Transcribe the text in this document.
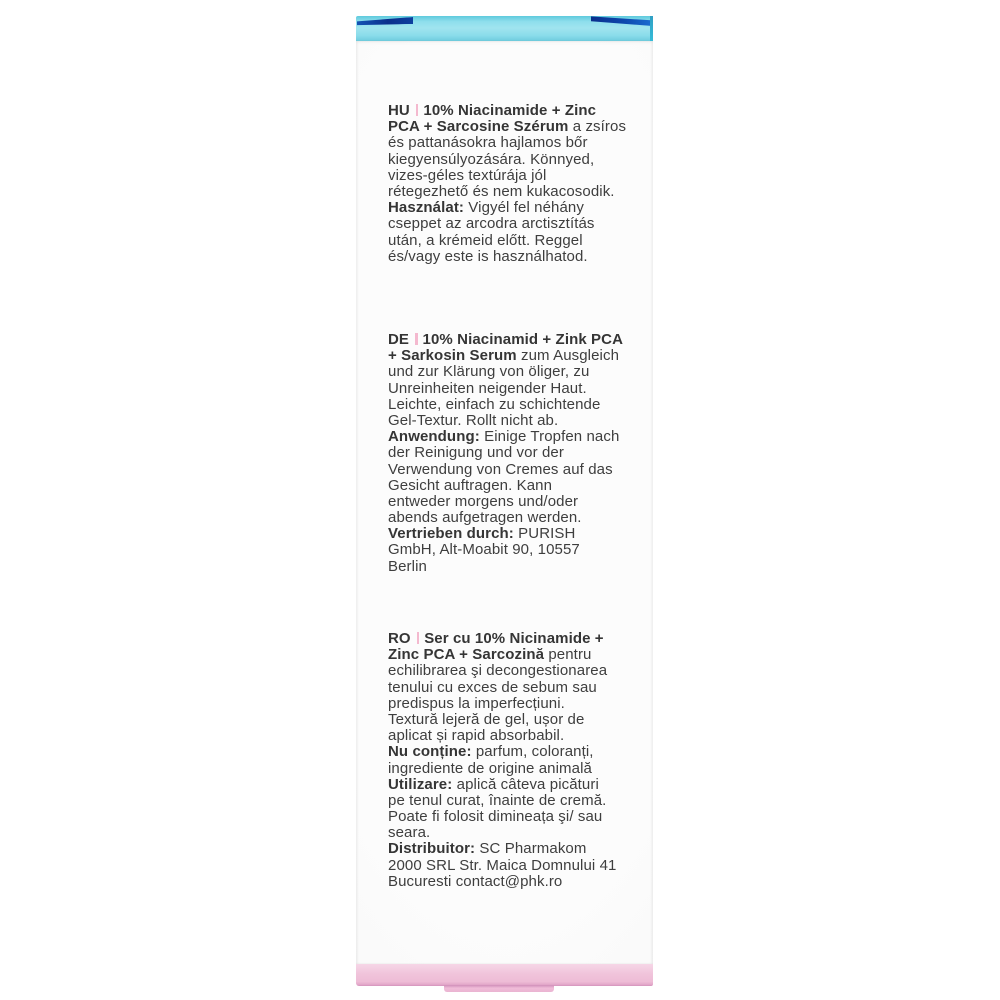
HU 10% Niacinamide + Zinc
PCA + Sarcosine Szérum a zsíros
és pattanásokra hajlamos bőr
kiegyensúlyozására. Könnyed,
vizes-géles textúrája jól
rétegezhető és nem kukacosodik.
Használat: Vigyél fel néhány
cseppet az arcodra arctisztítás
után, a krémeid előtt. Reggel
és/vagy este is használhatod.
DE 10% Niacinamid + Zink PCA
+ Sarkosin Serum zum Ausgleich
und zur Klärung von öliger, zu
Unreinheiten neigender Haut.
Leichte, einfach zu schichtende
Gel-Textur. Rollt nicht ab.
Anwendung: Einige Tropfen nach
der Reinigung und vor der
Verwendung von Cremes auf das
Gesicht auftragen. Kann
entweder morgens und/oder
abends aufgetragen werden.
Vertrieben durch: PURISH
GmbH, Alt-Moabit 90, 10557
Berlin
RO Ser cu 10% Nicinamide +
Zinc PCA + Sarcozină pentru
echilibrarea şi decongestionarea
tenului cu exces de sebum sau
predispus la imperfecțiuni.
Textură lejeră de gel, ușor de
aplicat și rapid absorbabil.
Nu conține: parfum, coloranți,
ingrediente de origine animală
Utilizare: aplică câteva picături
pe tenul curat, înainte de cremă.
Poate fi folosit dimineața şi/ sau
seara.
Distribuitor: SC Pharmakom
2000 SRL Str. Maica Domnului 41
Bucuresti contact@phk.ro
